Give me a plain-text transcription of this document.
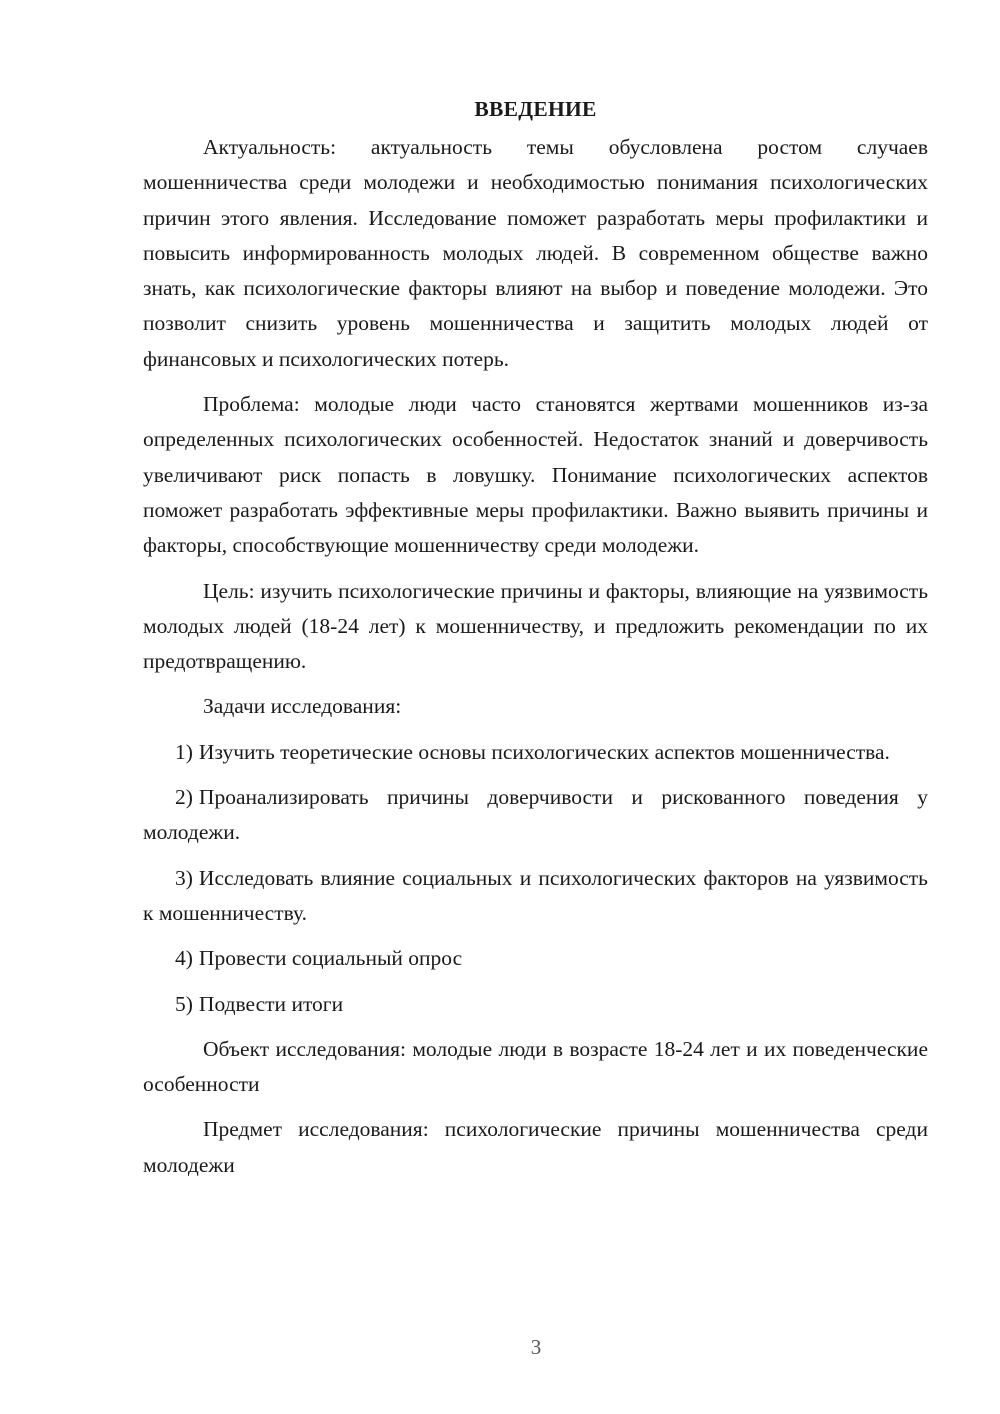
ВВЕДЕНИЕ

Актуальность: актуальность темы обусловлена ростом случаев мошенничества среди молодежи и необходимостью понимания психологических причин этого явления. Исследование поможет разработать меры профилактики и повысить информированность молодых людей. В современном обществе важно знать, как психологические факторы влияют на выбор и поведение молодежи. Это позволит снизить уровень мошенничества и защитить молодых людей от финансовых и психологических потерь.

Проблема: молодые люди часто становятся жертвами мошенников из-за определенных психологических особенностей. Недостаток знаний и доверчивость увеличивают риск попасть в ловушку. Понимание психологических аспектов поможет разработать эффективные меры профилактики. Важно выявить причины и факторы, способствующие мошенничеству среди молодежи.

Цель: изучить психологические причины и факторы, влияющие на уязвимость молодых людей (18-24 лет) к мошенничеству, и предложить рекомендации по их предотвращению.

Задачи исследования:

1) Изучить теоретические основы психологических аспектов мошенничества.

2) Проанализировать причины доверчивости и рискованного поведения у молодежи.

3) Исследовать влияние социальных и психологических факторов на уязвимость к мошенничеству.

4) Провести социальный опрос

5) Подвести итоги

Объект исследования: молодые люди в возрасте 18-24 лет и их поведенческие особенности

Предмет исследования: психологические причины мошенничества среди молодежи

3
